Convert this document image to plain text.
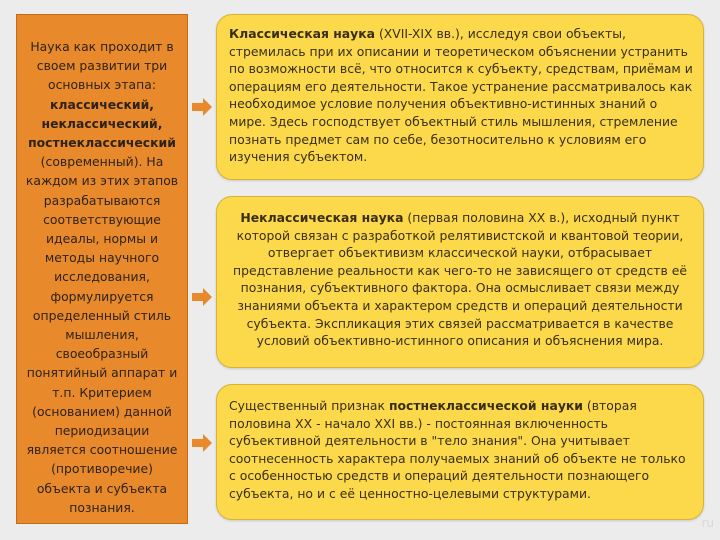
Наука как проходит в своем развитии три основных этапа: классический, неклассический, постнеклассический (современный). На каждом из этих этапов разрабатываются соответствующие идеалы, нормы и методы научного исследования, формулируется определенный стиль мышления, своеобразный понятийный аппарат и т.п. Критерием (основанием) данной периодизации является соотношение (противоречие) объекта и субъекта познания.
Классическая наука (XVII-XIX вв.), исследуя свои объекты, стремилась при их описании и теоретическом объяснении устранить по возможности всё, что относится к субъекту, средствам, приёмам и операциям его деятельности. Такое устранение рассматривалось как необходимое условие получения объективно-истинных знаний о мире. Здесь господствует объектный стиль мышления, стремление познать предмет сам по себе, безотносительно к условиям его изучения субъектом.
Неклассическая наука (первая половина XX в.), исходный пункт которой связан с разработкой релятивистской и квантовой теории, отвергает объективизм классической науки, отбрасывает представление реальности как чего-то не зависящего от средств её познания, субъективного фактора. Она осмысливает связи между знаниями объекта и характером средств и операций деятельности субъекта. Экспликация этих связей рассматривается в качестве условий объективно-истинного описания и объяснения мира.
Существенный признак постнеклассической науки (вторая половина XX - начало XXI вв.) - постоянная включенность субъективной деятельности в "тело знания". Она учитывает соотнесенность характера получаемых знаний об объекте не только с особенностью средств и операций деятельности познающего субъекта, но и с её ценностно-целевыми структурами.
ru
